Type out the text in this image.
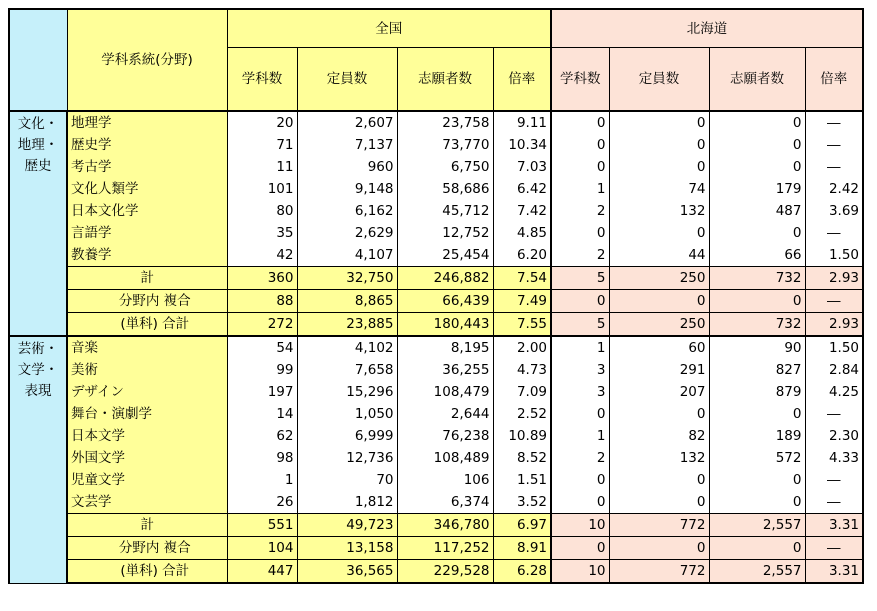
	学科系統(分野)	全国				北海道			
		学科数	定員数	志願者数	倍率	学科数	定員数	志願者数	倍率

文化・
地理・
歴史	地理学	20	2,607	23,758	9.11	0	0	0	―
	歴史学	71	7,137	73,770	10.34	0	0	0	―
	考古学	11	960	6,750	7.03	0	0	0	―
	文化人類学	101	9,148	58,686	6.42	1	74	179	2.42
	日本文化学	80	6,162	45,712	7.42	2	132	487	3.69
	言語学	35	2,629	12,752	4.85	0	0	0	―
	教養学	42	4,107	25,454	6.20	2	44	66	1.50
	計	360	32,750	246,882	7.54	5	250	732	2.93
	分野内 複合	88	8,865	66,439	7.49	0	0	0	―
	(単科) 合計	272	23,885	180,443	7.55	5	250	732	2.93

芸術・
文学・
表現	音楽	54	4,102	8,195	2.00	1	60	90	1.50
	美術	99	7,658	36,255	4.73	3	291	827	2.84
	デザイン	197	15,296	108,479	7.09	3	207	879	4.25
	舞台・演劇学	14	1,050	2,644	2.52	0	0	0	―
	日本文学	62	6,999	76,238	10.89	1	82	189	2.30
	外国文学	98	12,736	108,489	8.52	2	132	572	4.33
	児童文学	1	70	106	1.51	0	0	0	―
	文芸学	26	1,812	6,374	3.52	0	0	0	―
	計	551	49,723	346,780	6.97	10	772	2,557	3.31
	分野内 複合	104	13,158	117,252	8.91	0	0	0	―
	(単科) 合計	447	36,565	229,528	6.28	10	772	2,557	3.31
